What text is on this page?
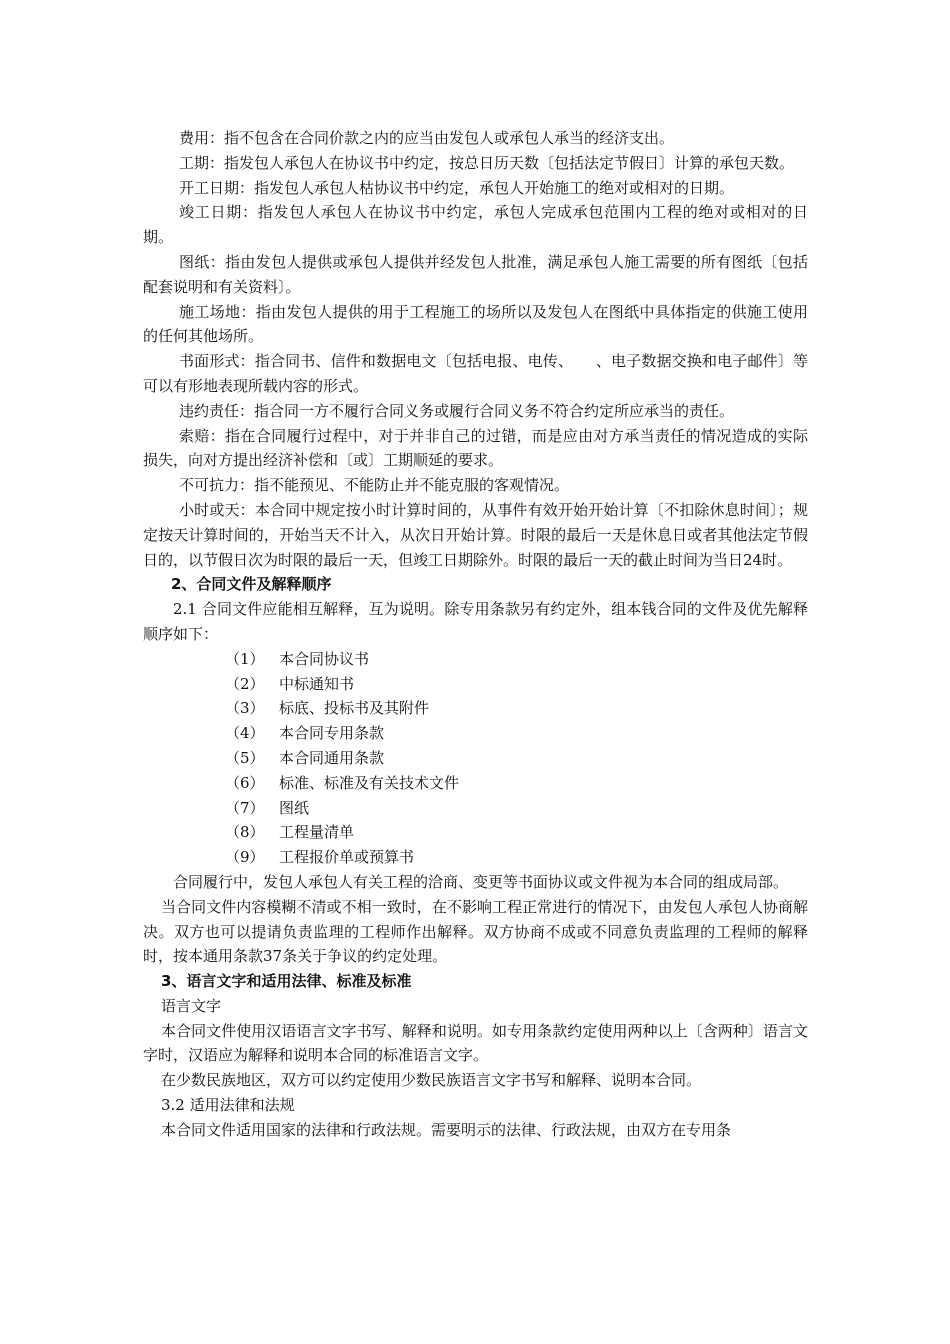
费用：指不包含在合同价款之内的应当由发包人或承包人承当的经济支出。

工期：指发包人承包人在协议书中约定，按总日历天数〔包括法定节假日〕计算的承包天数。

开工日期：指发包人承包人枯协议书中约定，承包人开始施工的绝对或相对的日期。

竣工日期：指发包人承包人在协议书中约定，承包人完成承包范围内工程的绝对或相对的日期。

图纸：指由发包人提供或承包人提供并经发包人批准，满足承包人施工需要的所有图纸〔包括配套说明和有关资料〕。

施工场地：指由发包人提供的用于工程施工的场所以及发包人在图纸中具体指定的供施工使用的任何其他场所。

书面形式：指合同书、信件和数据电文〔包括电报、电传、　　、电子数据交换和电子邮件〕等可以有形地表现所载内容的形式。

违约责任：指合同一方不履行合同义务或履行合同义务不符合约定所应承当的责任。

索赔：指在合同履行过程中，对于并非自己的过错，而是应由对方承当责任的情况造成的实际损失，向对方提出经济补偿和〔或〕工期顺延的要求。

不可抗力：指不能预见、不能防止并不能克服的客观情况。

小时或天：本合同中规定按小时计算时间的，从事件有效开始开始计算〔不扣除休息时间〕；规定按天计算时间的，开始当天不计入，从次日开始计算。时限的最后一天是休息日或者其他法定节假日的，以节假日次为时限的最后一天，但竣工日期除外。时限的最后一天的截止时间为当日24时。

2、合同文件及解释顺序

2.1 合同文件应能相互解释，互为说明。除专用条款另有约定外，组本钱合同的文件及优先解释顺序如下：

（1） 本合同协议书
（2） 中标通知书
（3） 标底、投标书及其附件
（4） 本合同专用条款
（5） 本合同通用条款
（6） 标准、标准及有关技术文件
（7） 图纸
（8） 工程量清单
（9） 工程报价单或预算书

合同履行中，发包人承包人有关工程的洽商、变更等书面协议或文件视为本合同的组成局部。

当合同文件内容模糊不清或不相一致时，在不影响工程正常进行的情况下，由发包人承包人协商解决。双方也可以提请负责监理的工程师作出解释。双方协商不成或不同意负责监理的工程师的解释时，按本通用条款37条关于争议的约定处理。

3、语言文字和适用法律、标准及标准

语言文字

本合同文件使用汉语语言文字书写、解释和说明。如专用条款约定使用两种以上〔含两种〕语言文字时，汉语应为解释和说明本合同的标准语言文字。

在少数民族地区，双方可以约定使用少数民族语言文字书写和解释、说明本合同。

3.2 适用法律和法规

本合同文件适用国家的法律和行政法规。需要明示的法律、行政法规，由双方在专用条
